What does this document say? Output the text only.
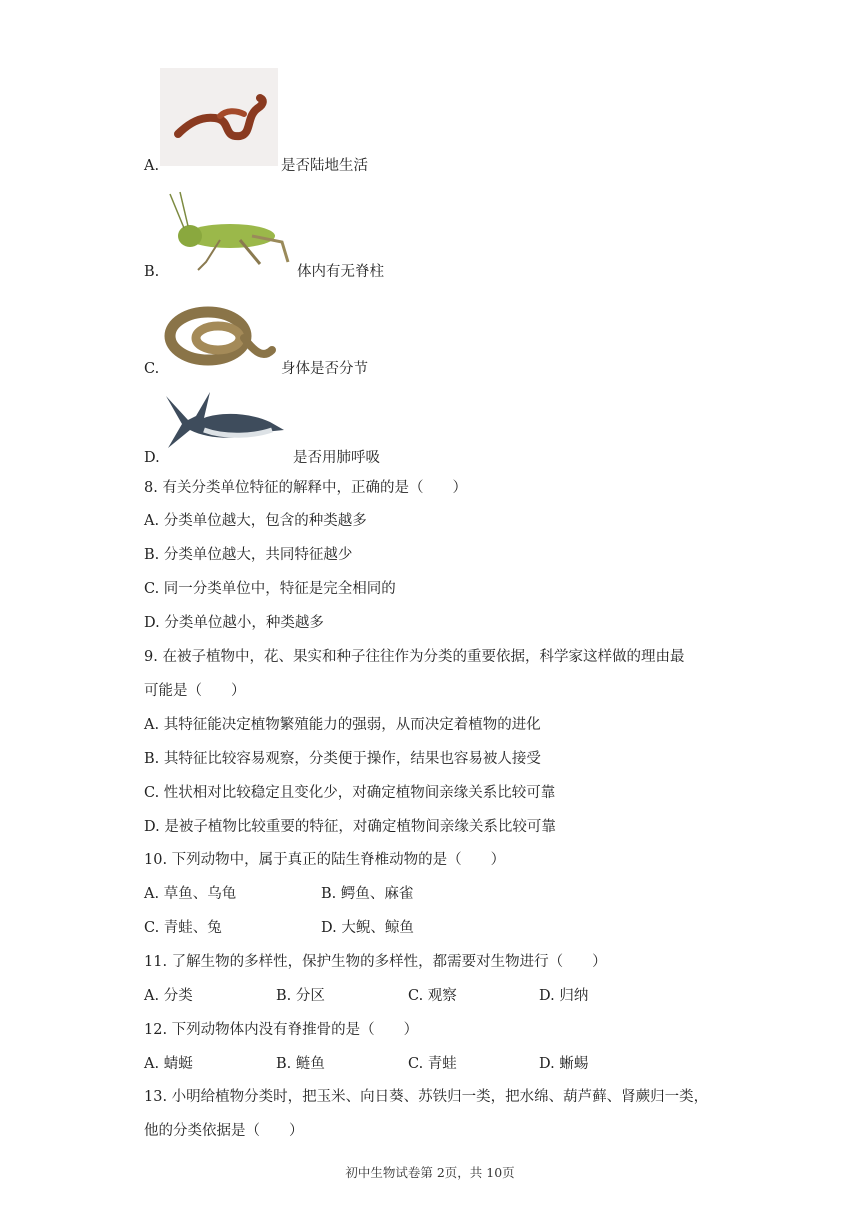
A.	是否陆地生活
B.	体内有无脊柱
C.	身体是否分节
D.	是否用肺呼吸
8. 有关分类单位特征的解释中，正确的是（　　）
A. 分类单位越大，包含的种类越多
B. 分类单位越大，共同特征越少
C. 同一分类单位中，特征是完全相同的
D. 分类单位越小，种类越多
9. 在被子植物中，花、果实和种子往往作为分类的重要依据，科学家这样做的理由最
可能是（　　）
A. 其特征能决定植物繁殖能力的强弱，从而决定着植物的进化
B. 其特征比较容易观察，分类便于操作，结果也容易被人接受
C. 性状相对比较稳定且变化少，对确定植物间亲缘关系比较可靠
D. 是被子植物比较重要的特征，对确定植物间亲缘关系比较可靠
10. 下列动物中，属于真正的陆生脊椎动物的是（　　）
A. 草鱼、乌龟	B. 鳄鱼、麻雀
C. 青蛙、兔	D. 大鲵、鲸鱼
11. 了解生物的多样性，保护生物的多样性，都需要对生物进行（　　）
A. 分类	B. 分区	C. 观察	D. 归纳
12. 下列动物体内没有脊推骨的是（　　）
A. 蜻蜓	B. 鲢鱼	C. 青蛙	D. 蜥蜴
13. 小明给植物分类时，把玉米、向日葵、苏铁归一类，把水绵、葫芦藓、肾蕨归一类，
他的分类依据是（　　）
初中生物试卷第 2页，共 10页
